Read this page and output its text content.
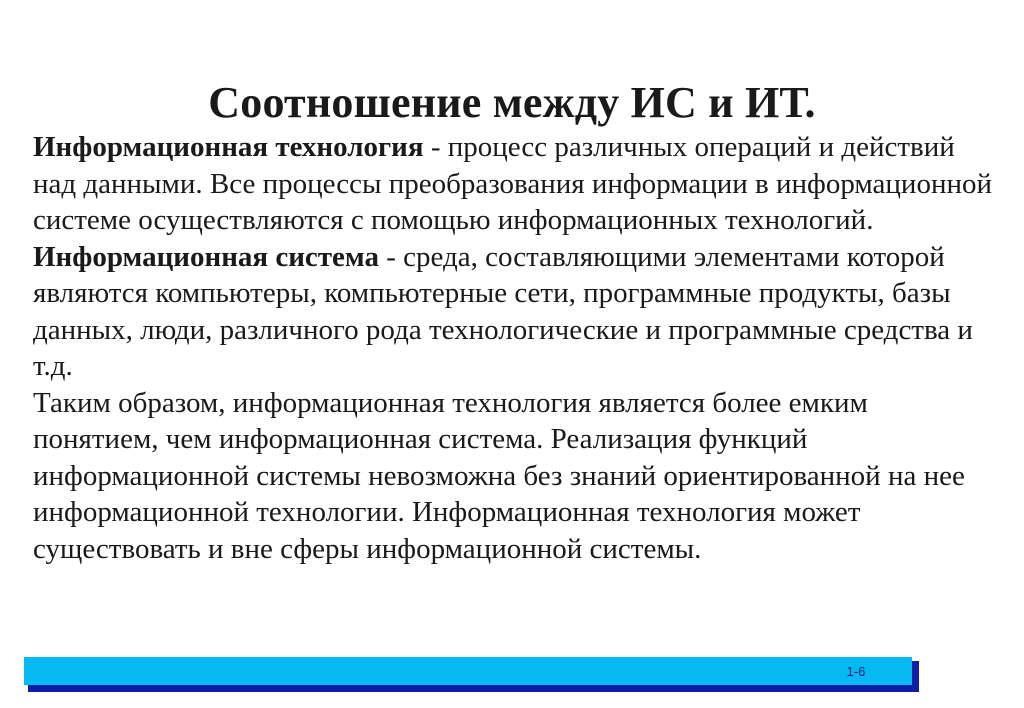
Соотношение между ИС и ИТ.

Информационная технология - процесс различных операций и действий над данными. Все процессы преобразования информации в информационной системе осуществляются с помощью информационных технологий.

Информационная система - среда, составляющими элементами которой являются компьютеры, компьютерные сети, программные продукты, базы данных, люди, различного рода технологические и программные средства и т.д.

Таким образом, информационная технология является более емким понятием, чем информационная система. Реализация функций информационной системы невозможна без знаний ориентированной на нее информационной технологии. Информационная технология может существовать и вне сферы информационной системы.

1-6
